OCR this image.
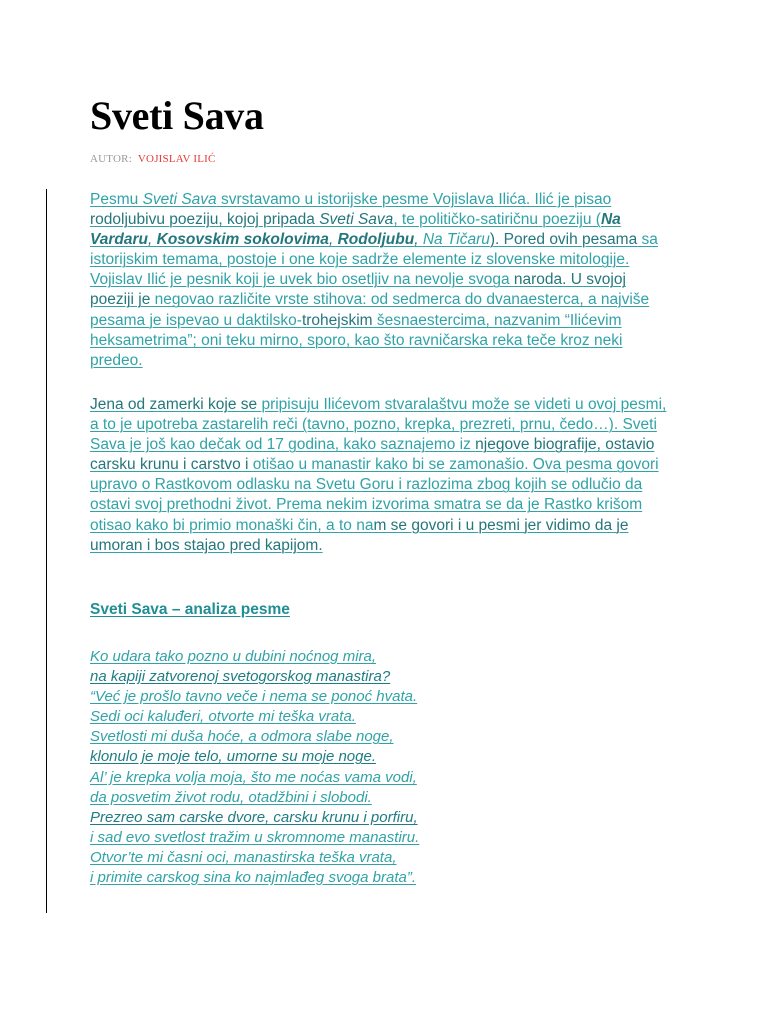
Sveti Sava
AUTOR: VOJISLAV ILIĆ

Pesmu Sveti Sava svrstavamo u istorijske pesme Vojislava Ilića. Ilić je pisao rodoljubivu poeziju, kojoj pripada Sveti Sava, te političko-satiričnu poeziju (Na Vardaru, Kosovskim sokolovima, Rodoljubu, Na Tičaru). Pored ovih pesama sa istorijskim temama, postoje i one koje sadrže elemente iz slovenske mitologije. Vojislav Ilić je pesnik koji je uvek bio osetljiv na nevolje svoga naroda. U svojoj poeziji je negovao različite vrste stihova: od sedmerca do dvanaesterca, a najviše pesama je ispevao u daktilsko-trohejskim šesnaestercima, nazvanim “Ilićevim heksametrima”; oni teku mirno, sporo, kao što ravničarska reka teče kroz neki predeo.

Jena od zamerki koje se pripisuju Ilićevom stvaralaštvu može se videti u ovoj pesmi, a to je upotreba zastarelih reči (tavno, pozno, krepka, prezreti, prnu, čedo…). Sveti Sava je još kao dečak od 17 godina, kako saznajemo iz njegove biografije, ostavio carsku krunu i carstvo i otišao u manastir kako bi se zamonašio. Ova pesma govori upravo o Rastkovom odlasku na Svetu Goru i razlozima zbog kojih se odlučio da ostavi svoj prethodni život. Prema nekim izvorima smatra se da je Rastko krišom otisao kako bi primio monaški čin, a to nam se govori i u pesmi jer vidimo da je umoran i bos stajao pred kapijom.

Sveti Sava – analiza pesme
Ko udara tako pozno u dubini noćnog mira,
na kapiji zatvorenoj svetogorskog manastira?
“Već je prošlo tavno veče i nema se ponoć hvata.
Sedi oci kaluđeri, otvorte mi teška vrata.
Svetlosti mi duša hoće, a odmora slabe noge,
klonulo je moje telo, umorne su moje noge.
Al’ je krepka volja moja, što me noćas vama vodi,
da posvetim život rodu, otadžbini i slobodi.
Prezreo sam carske dvore, carsku krunu i porfiru,
i sad evo svetlost tražim u skromnome manastiru.
Otvor’te mi časni oci, manastirska teška vrata,
i primite carskog sina ko najmlađeg svoga brata”.
